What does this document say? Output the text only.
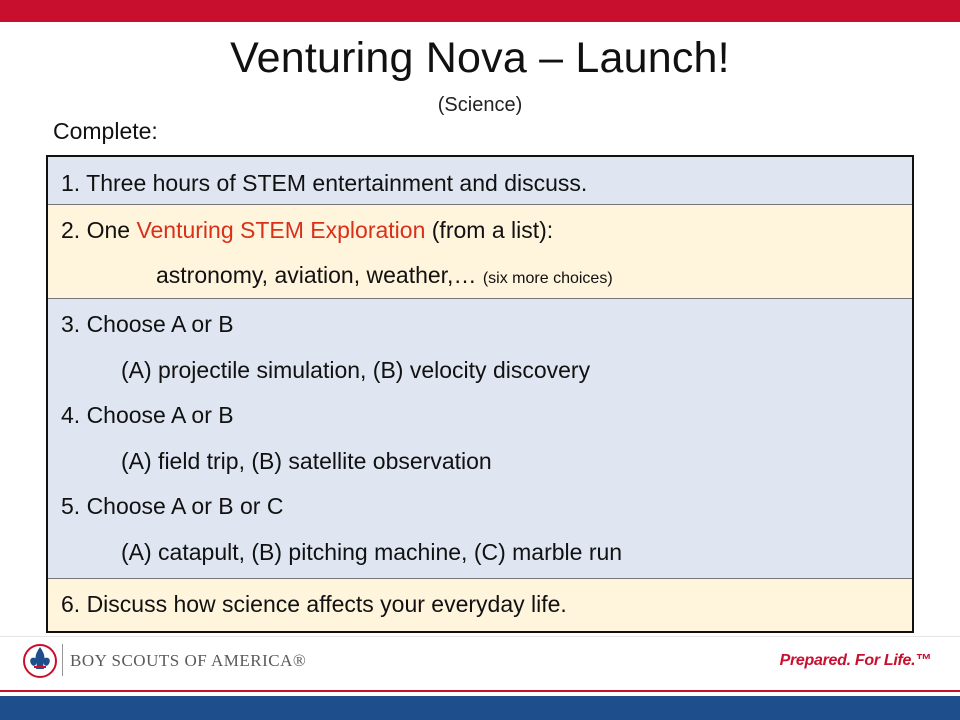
Venturing Nova – Launch!
(Science)
Complete:
1. Three hours of STEM entertainment and discuss.
2. One Venturing STEM Exploration (from a list):
astronomy, aviation, weather,… (six more choices)
3. Choose A or B
(A) projectile simulation, (B) velocity discovery
4. Choose A or B
(A) field trip, (B) satellite observation
5. Choose A or B or C
(A) catapult, (B) pitching machine, (C) marble run
6. Discuss how science affects your everyday life.
BOY SCOUTS OF AMERICA®	Prepared. For Life.™
